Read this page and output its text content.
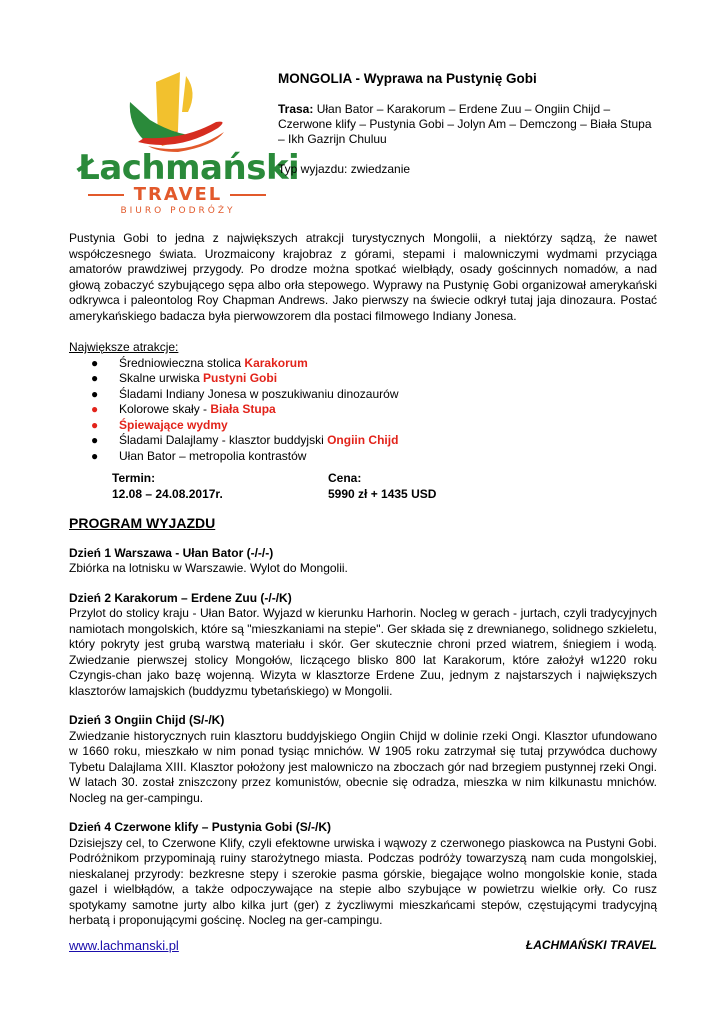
Łachmański
TRAVEL
BIURO PODRÓŻY
MONGOLIA - Wyprawa na Pustynię Gobi

Trasa: Ułan Bator – Karakorum – Erdene Zuu – Ongiin Chijd – Czerwone klify – Pustynia Gobi – Jolyn Am – Demczong – Biała Stupa – Ikh Gazrijn Chuluu

Typ wyjazdu: zwiedzanie

Pustynia Gobi to jedna z największych atrakcji turystycznych Mongolii, a niektórzy sądzą, że nawet współczesnego świata. Urozmaicony krajobraz z górami, stepami i malowniczymi wydmami przyciąga amatorów prawdziwej przygody. Po drodze można spotkać wielbłądy, osady gościnnych nomadów, a nad głową zobaczyć szybującego sępa albo orła stepowego. Wyprawy na Pustynię Gobi organizował amerykański odkrywca i paleontolog Roy Chapman Andrews. Jako pierwszy na świecie odkrył tutaj jaja dinozaura. Postać amerykańskiego badacza była pierwowzorem dla postaci filmowego Indiany Jonesa.

Największe atrakcje:

● Średniowieczna stolica Karakorum
● Skalne urwiska Pustyni Gobi
● Śladami Indiany Jonesa w poszukiwaniu dinozaurów
● Kolorowe skały - Biała Stupa
● Śpiewające wydmy
● Śladami Dalajlamy - klasztor buddyjski Ongiin Chijd
● Ułan Bator – metropolia kontrastów
Termin:
12.08 – 24.08.2017r.
Cena:
5990 zł + 1435 USD
PROGRAM WYJAZDU
Dzień 1 Warszawa - Ułan Bator (-/-/-)

Zbiórka na lotnisku w Warszawie. Wylot do Mongolii.

Dzień 2 Karakorum – Erdene Zuu (-/-/K)

Przylot do stolicy kraju - Ułan Bator. Wyjazd w kierunku Harhorin. Nocleg w gerach - jurtach, czyli tradycyjnych namiotach mongolskich, które są "mieszkaniami na stepie". Ger składa się z drewnianego, solidnego szkieletu, który pokryty jest grubą warstwą materiału i skór. Ger skutecznie chroni przed wiatrem, śniegiem i wodą. Zwiedzanie pierwszej stolicy Mongołów, liczącego blisko 800 lat Karakorum, które założył w1220 roku Czyngis-chan jako bazę wojenną. Wizyta w klasztorze Erdene Zuu, jednym z najstarszych i największych klasztorów lamajskich (buddyzmu tybetańskiego) w Mongolii.

Dzień 3 Ongiin Chijd (S/-/K)

Zwiedzanie historycznych ruin klasztoru buddyjskiego Ongiin Chijd w dolinie rzeki Ongi. Klasztor ufundowano w 1660 roku, mieszkało w nim ponad tysiąc mnichów. W 1905 roku zatrzymał się tutaj przywódca duchowy Tybetu Dalajlama XIII. Klasztor położony jest malowniczo na zboczach gór nad brzegiem pustynnej rzeki Ongi. W latach 30. został zniszczony przez komunistów, obecnie się odradza, mieszka w nim kilkunastu mnichów. Nocleg na ger-campingu.

Dzień 4 Czerwone klify – Pustynia Gobi (S/-/K)

Dzisiejszy cel, to Czerwone Klify, czyli efektowne urwiska i wąwozy z czerwonego piaskowca na Pustyni Gobi. Podróżnikom przypominają ruiny starożytnego miasta. Podczas podróży towarzyszą nam cuda mongolskiej, nieskalanej przyrody: bezkresne stepy i szerokie pasma górskie, biegające wolno mongolskie konie, stada gazel i wielbłądów, a także odpoczywające na stepie albo szybujące w powietrzu wielkie orły. Co rusz spotykamy samotne jurty albo kilka jurt (ger) z życzliwymi mieszkańcami stepów, częstującymi tradycyjną herbatą i proponującymi gościnę. Nocleg na ger-campingu.

www.lachmanski.pl	ŁACHMAŃSKI TRAVEL
